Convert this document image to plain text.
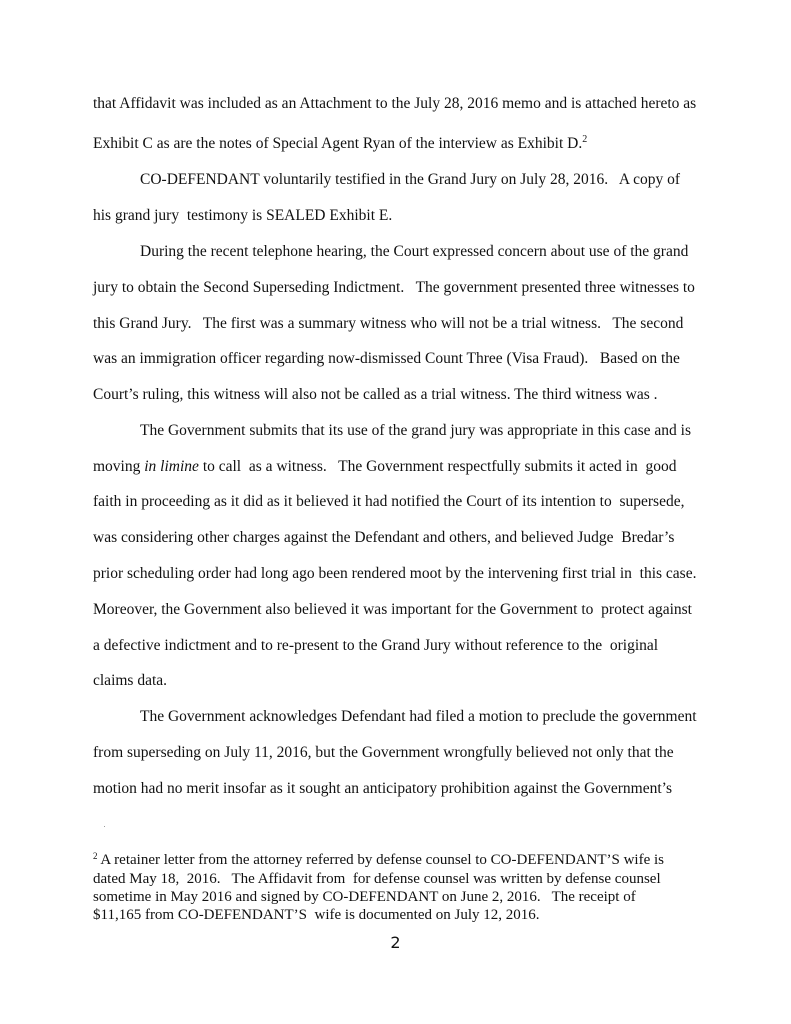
that Affidavit was included as an Attachment to the July 28, 2016 memo and is attached hereto as
Exhibit C as are the notes of Special Agent Ryan of the interview as Exhibit D.$^2$
CO-DEFENDANT voluntarily testified in the Grand Jury on July 28, 2016.   A copy of
his grand jury  testimony is SEALED Exhibit E.
During the recent telephone hearing, the Court expressed concern about use of the grand
jury to obtain the Second Superseding Indictment.   The government presented three witnesses to
this Grand Jury.   The first was a summary witness who will not be a trial witness.   The second
was an immigration officer regarding now-dismissed Count Three (Visa Fraud).   Based on the
Court’s ruling, this witness will also not be called as a trial witness. The third witness was .
The Government submits that its use of the grand jury was appropriate in this case and is
moving in limine to call  as a witness.   The Government respectfully submits it acted in  good
faith in proceeding as it did as it believed it had notified the Court of its intention to  supersede,
was considering other charges against the Defendant and others, and believed Judge  Bredar’s
prior scheduling order had long ago been rendered moot by the intervening first trial in  this case.
Moreover, the Government also believed it was important for the Government to  protect against
a defective indictment and to re-present to the Grand Jury without reference to the  original
claims data.
The Government acknowledges Defendant had filed a motion to preclude the government
from superseding on July 11, 2016, but the Government wrongfully believed not only that the
motion had no merit insofar as it sought an anticipatory prohibition against the Government’s
$^2$ A retainer letter from the attorney referred by defense counsel to CO-DEFENDANT’S wife is
dated May 18,  2016.   The Affidavit from  for defense counsel was written by defense counsel
sometime in May 2016 and signed by CO-DEFENDANT on June 2, 2016.   The receipt of
$11,165 from CO-DEFENDANT’S  wife is documented on July 12, 2016.
2
